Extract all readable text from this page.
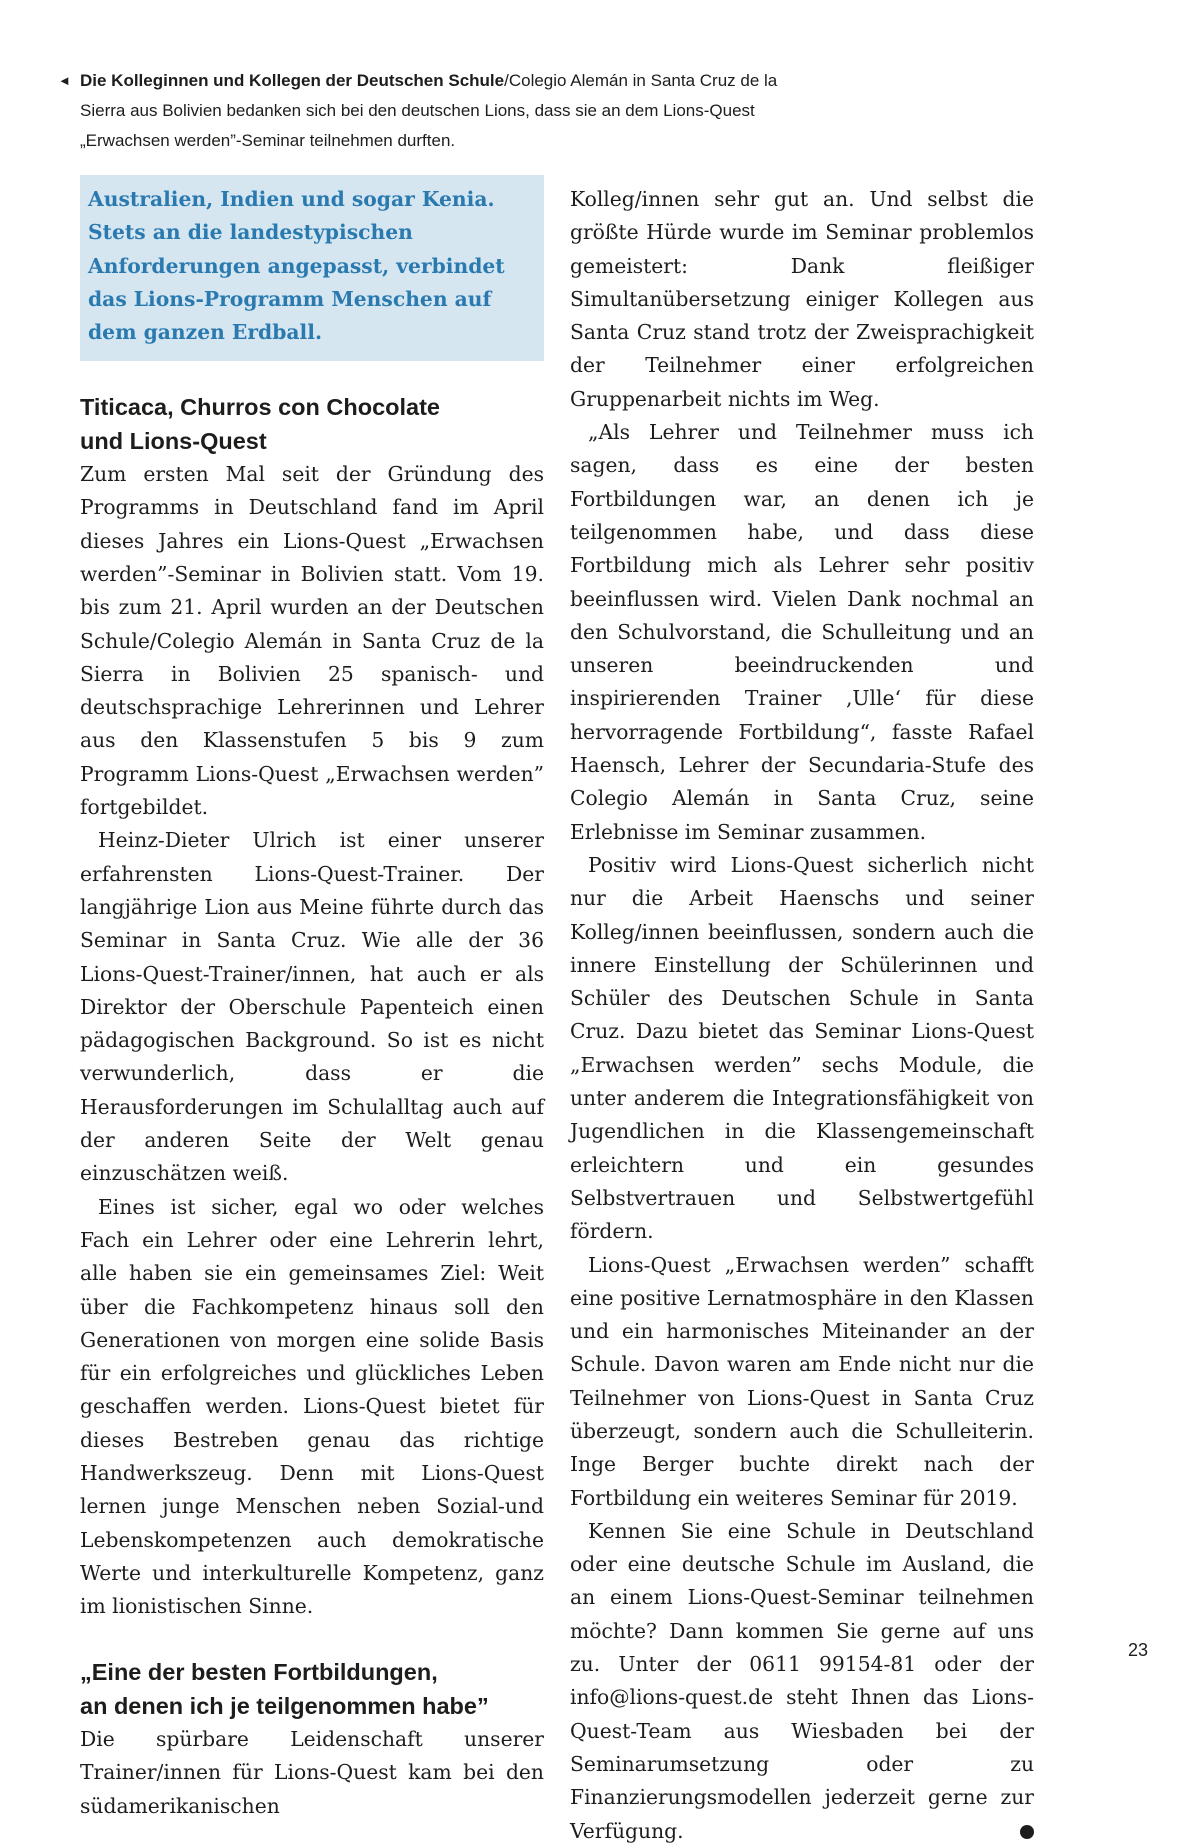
◄ Die Kolleginnen und Kollegen der Deutschen Schule/Colegio Alemán in Santa Cruz de la Sierra aus Bolivien bedanken sich bei den deutschen Lions, dass sie an dem Lions-Quest „Erwachsen werden”-Seminar teilnehmen durften.

Australien, Indien und sogar Kenia. Stets an die landestypischen Anforderungen angepasst, verbindet das Lions-Programm Menschen auf dem ganzen Erdball.

Titicaca, Churros con Chocolate
und Lions-Quest

Zum ersten Mal seit der Gründung des Programms in Deutschland fand im April dieses Jahres ein Lions-Quest „Erwachsen werden”-Seminar in Bolivien statt. Vom 19. bis zum 21. April wurden an der Deutschen Schule/Colegio Alemán in Santa Cruz de la Sierra in Bolivien 25 spanisch- und deutschsprachige Lehrerinnen und Lehrer aus den Klassenstufen 5 bis 9 zum Programm Lions-Quest „Erwachsen werden” fortgebildet.

Heinz-Dieter Ulrich ist einer unserer erfahrensten Lions-Quest-Trainer. Der langjährige Lion aus Meine führte durch das Seminar in Santa Cruz. Wie alle der 36 Lions-Quest-Trainer/innen, hat auch er als Direktor der Oberschule Papenteich einen pädagogischen Background. So ist es nicht verwunderlich, dass er die Herausforderungen im Schulalltag auch auf der anderen Seite der Welt genau einzuschätzen weiß.

Eines ist sicher, egal wo oder welches Fach ein Lehrer oder eine Lehrerin lehrt, alle haben sie ein gemeinsames Ziel: Weit über die Fachkompetenz hinaus soll den Generationen von morgen eine solide Basis für ein erfolgreiches und glückliches Leben geschaffen werden. Lions-Quest bietet für dieses Bestreben genau das richtige Handwerkszeug. Denn mit Lions-Quest lernen junge Menschen neben Sozial-und Lebenskompetenzen auch demokratische Werte und interkulturelle Kompetenz, ganz im lionistischen Sinne.

„Eine der besten Fortbildungen,
an denen ich je teilgenommen habe”

Die spürbare Leidenschaft unserer Trainer/innen für Lions-Quest kam bei den südamerikanischen

Kolleg/innen sehr gut an. Und selbst die größte Hürde wurde im Seminar problemlos gemeistert: Dank fleißiger Simultanübersetzung einiger Kollegen aus Santa Cruz stand trotz der Zweisprachigkeit der Teilnehmer einer erfolgreichen Gruppenarbeit nichts im Weg.

„Als Lehrer und Teilnehmer muss ich sagen, dass es eine der besten Fortbildungen war, an denen ich je teilgenommen habe, und dass diese Fortbildung mich als Lehrer sehr positiv beeinflussen wird. Vielen Dank nochmal an den Schulvorstand, die Schulleitung und an unseren beeindruckenden und inspirierenden Trainer ‚Ulle‘ für diese hervorragende Fortbildung“, fasste Rafael Haensch, Lehrer der Secundaria-Stufe des Colegio Alemán in Santa Cruz, seine Erlebnisse im Seminar zusammen.

Positiv wird Lions-Quest sicherlich nicht nur die Arbeit Haenschs und seiner Kolleg/innen beeinflussen, sondern auch die innere Einstellung der Schülerinnen und Schüler des Deutschen Schule in Santa Cruz. Dazu bietet das Seminar Lions-Quest „Erwachsen werden” sechs Module, die unter anderem die Integrationsfähigkeit von Jugendlichen in die Klassengemeinschaft erleichtern und ein gesundes Selbstvertrauen und Selbstwertgefühl fördern.

Lions-Quest „Erwachsen werden” schafft eine positive Lernatmosphäre in den Klassen und ein harmonisches Miteinander an der Schule. Davon waren am Ende nicht nur die Teilnehmer von Lions-Quest in Santa Cruz überzeugt, sondern auch die Schulleiterin. Inge Berger buchte direkt nach der Fortbildung ein weiteres Seminar für 2019.

Kennen Sie eine Schule in Deutschland oder eine deutsche Schule im Ausland, die an einem Lions-Quest-Seminar teilnehmen möchte? Dann kommen Sie gerne auf uns zu. Unter der 0611 99154-81 oder der info@lions-quest.de steht Ihnen das Lions-Quest-Team aus Wiesbaden bei der Seminarumsetzung oder zu Finanzierungsmodellen jederzeit gerne zur Verfügung.	L

23
